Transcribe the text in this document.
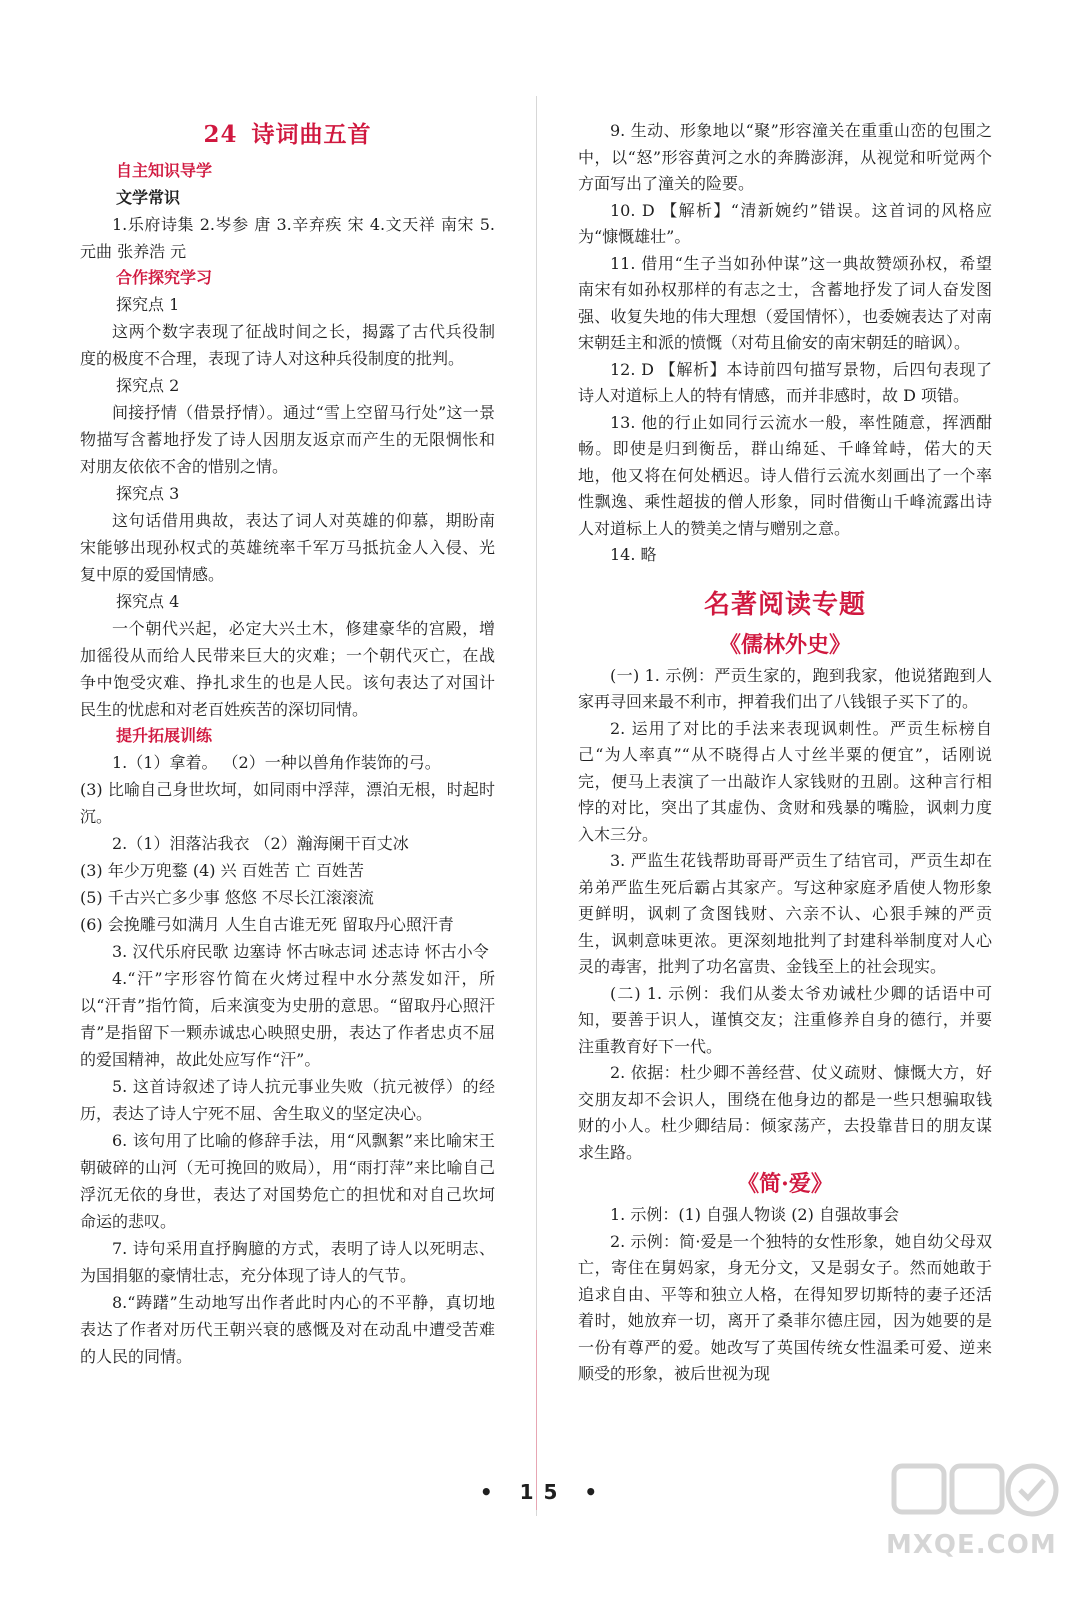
24 诗词曲五首
自主知识导学
文学常识

1.乐府诗集 2.岑参 唐 3.辛弃疾 宋 4.文天祥 南宋 5.元曲 张养浩 元

合作探究学习
探究点 1

这两个数字表现了征战时间之长，揭露了古代兵役制度的极度不合理，表现了诗人对这种兵役制度的批判。

探究点 2

间接抒情（借景抒情）。通过“雪上空留马行处”这一景物描写含蓄地抒发了诗人因朋友返京而产生的无限惆怅和对朋友依依不舍的惜别之情。

探究点 3

这句话借用典故，表达了词人对英雄的仰慕，期盼南宋能够出现孙权式的英雄统率千军万马抵抗金人入侵、光复中原的爱国情感。

探究点 4

一个朝代兴起，必定大兴土木，修建豪华的宫殿，增加徭役从而给人民带来巨大的灾难；一个朝代灭亡，在战争中饱受灾难、挣扎求生的也是人民。该句表达了对国计民生的忧虑和对老百姓疾苦的深切同情。

提升拓展训练

1.（1）拿着。 （2）一种以兽角作装饰的弓。

(3) 比喻自己身世坎坷，如同雨中浮萍，漂泊无根，时起时沉。

2.（1）泪落沾我衣 （2）瀚海阑干百丈冰

(3) 年少万兜鍪 (4) 兴 百姓苦 亡 百姓苦

(5) 千古兴亡多少事 悠悠 不尽长江滚滚流

(6) 会挽雕弓如满月 人生自古谁无死 留取丹心照汗青

3. 汉代乐府民歌 边塞诗 怀古咏志词 述志诗 怀古小令

4.“汗”字形容竹简在火烤过程中水分蒸发如汗，所以“汗青”指竹简，后来演变为史册的意思。“留取丹心照汗青”是指留下一颗赤诚忠心映照史册，表达了作者忠贞不屈的爱国精神，故此处应写作“汗”。

5. 这首诗叙述了诗人抗元事业失败（抗元被俘）的经历，表达了诗人宁死不屈、舍生取义的坚定决心。

6. 该句用了比喻的修辞手法，用“风飘絮”来比喻宋王朝破碎的山河（无可挽回的败局），用“雨打萍”来比喻自己浮沉无依的身世，表达了对国势危亡的担忧和对自己坎坷命运的悲叹。

7. 诗句采用直抒胸臆的方式，表明了诗人以死明志、为国捐躯的豪情壮志，充分体现了诗人的气节。

8.“踌躇”生动地写出作者此时内心的不平静，真切地表达了作者对历代王朝兴衰的感慨及对在动乱中遭受苦难的人民的同情。

9. 生动、形象地以“聚”形容潼关在重重山峦的包围之中，以“怒”形容黄河之水的奔腾澎湃，从视觉和听觉两个方面写出了潼关的险要。

10. D 【解析】“清新婉约”错误。这首词的风格应为“慷慨雄壮”。

11. 借用“生子当如孙仲谋”这一典故赞颂孙权，希望南宋有如孙权那样的有志之士，含蓄地抒发了词人奋发图强、收复失地的伟大理想（爱国情怀），也委婉表达了对南宋朝廷主和派的愤慨（对苟且偷安的南宋朝廷的暗讽）。

12. D 【解析】本诗前四句描写景物，后四句表现了诗人对道标上人的特有情感，而并非感时，故 D 项错。

13. 他的行止如同行云流水一般，率性随意，挥洒酣畅。即使是归到衡岳，群山绵延、千峰耸峙，偌大的天地，他又将在何处栖迟。诗人借行云流水刻画出了一个率性飘逸、乘性超拔的僧人形象，同时借衡山千峰流露出诗人对道标上人的赞美之情与赠别之意。

14. 略

名著阅读专题
《儒林外史》

(一) 1. 示例：严贡生家的，跑到我家，他说猪跑到人家再寻回来最不利市，押着我们出了八钱银子买下了的。

2. 运用了对比的手法来表现讽刺性。严贡生标榜自己“为人率真”“从不晓得占人寸丝半粟的便宜”，话刚说完，便马上表演了一出敲诈人家钱财的丑剧。这种言行相悖的对比，突出了其虚伪、贪财和残暴的嘴脸，讽刺力度入木三分。

3. 严监生花钱帮助哥哥严贡生了结官司，严贡生却在弟弟严监生死后霸占其家产。写这种家庭矛盾使人物形象更鲜明，讽刺了贪图钱财、六亲不认、心狠手辣的严贡生，讽刺意味更浓。更深刻地批判了封建科举制度对人心灵的毒害，批判了功名富贵、金钱至上的社会现实。

(二) 1. 示例：我们从娄太爷劝诫杜少卿的话语中可知，要善于识人，谨慎交友；注重修养自身的德行，并要注重教育好下一代。

2. 依据：杜少卿不善经营、仗义疏财、慷慨大方，好交朋友却不会识人，围绕在他身边的都是一些只想骗取钱财的小人。杜少卿结局：倾家荡产，去投靠昔日的朋友谋求生路。

《简·爱》

1. 示例：(1) 自强人物谈 (2) 自强故事会

2. 示例：简·爱是一个独特的女性形象，她自幼父母双亡，寄住在舅妈家，身无分文，又是弱女子。然而她敢于追求自由、平等和独立人格，在得知罗切斯特的妻子还活着时，她放弃一切，离开了桑菲尔德庄园，因为她要的是一份有尊严的爱。她改写了英国传统女性温柔可爱、逆来顺受的形象，被后世视为现

• 15 •
MXQE.COM
